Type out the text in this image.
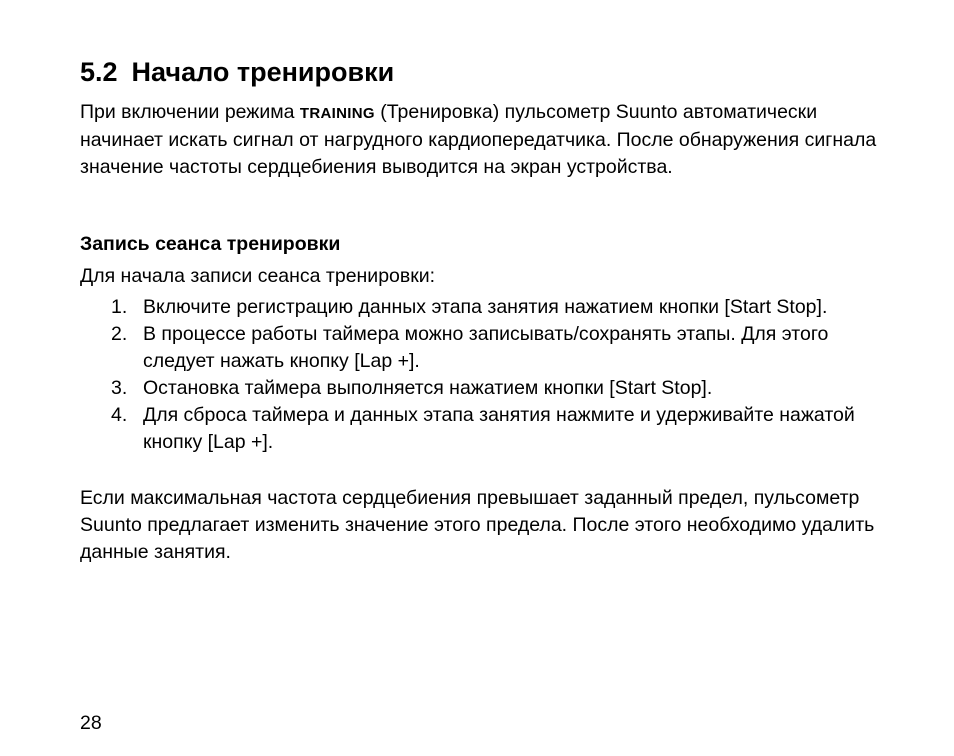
5.2 Начало тренировки

При включении режима TRAINING (Тренировка) пульсометр Suunto автоматически начинает искать сигнал от нагрудного кардиопередатчика. После обнаружения сигнала значение частоты сердцебиения выводится на экран устройства.

Запись сеанса тренировки

Для начала записи сеанса тренировки:

1. Включите регистрацию данных этапа занятия нажатием кнопки [Start Stop].
2. В процессе работы таймера можно записывать/сохранять этапы. Для этого следует нажать кнопку [Lap +].
3. Остановка таймера выполняется нажатием кнопки [Start Stop].
4. Для сброса таймера и данных этапа занятия нажмите и удерживайте нажатой кнопку [Lap +].

Если максимальная частота сердцебиения превышает заданный предел, пульсометр Suunto предлагает изменить значение этого предела. После этого необходимо удалить данные занятия.

28
